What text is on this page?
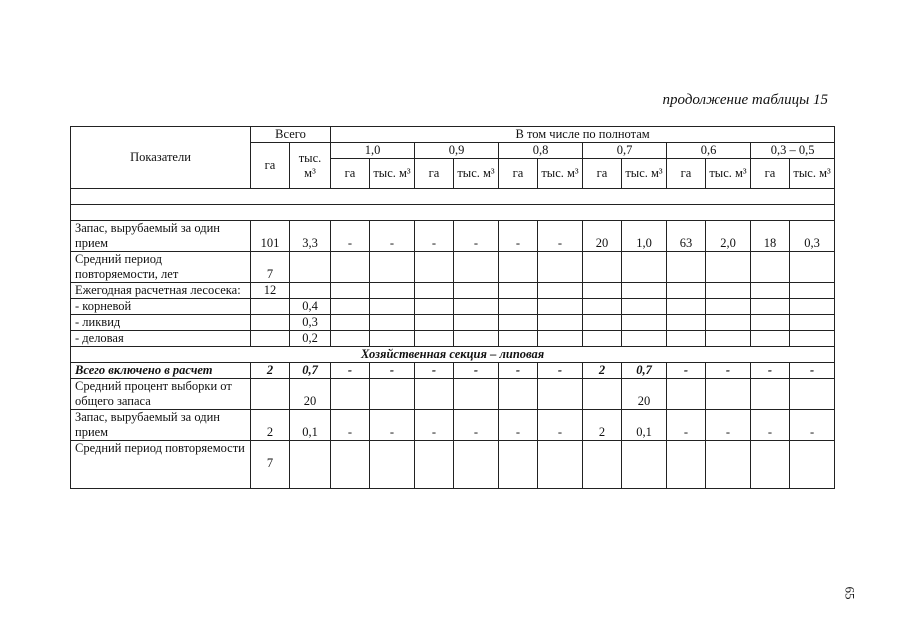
продолжение таблицы 15
Показатели	Всего		В том числе по полнотам											
	га	тыс. м³	1,0		0,9		0,8		0,7		0,6		0,3 – 0,5	
			га	тыс. м³	га	тыс. м³	га	тыс. м³	га	тыс. м³	га	тыс. м³	га	тыс. м³

Запас, вырубаемый за один прием	101	3,3	-	-	-	-	-	-	20	1,0	63	2,0	18	0,3
Средний период повторяемости, лет	7													
Ежегодная расчетная лесосека:	12													
- корневой		0,4												
- ликвид		0,3												
- деловая		0,2												
Хозяйственная секция – липовая														
Всего включено в расчет	2	0,7	-	-	-	-	-	-	2	0,7	-	-	-	-
Средний процент выборки от общего запаса		20								20				
Запас, вырубаемый за один прием	2	0,1	-	-	-	-	-	-	2	0,1	-	-	-	-
Средний период повторяемости	7													
65
